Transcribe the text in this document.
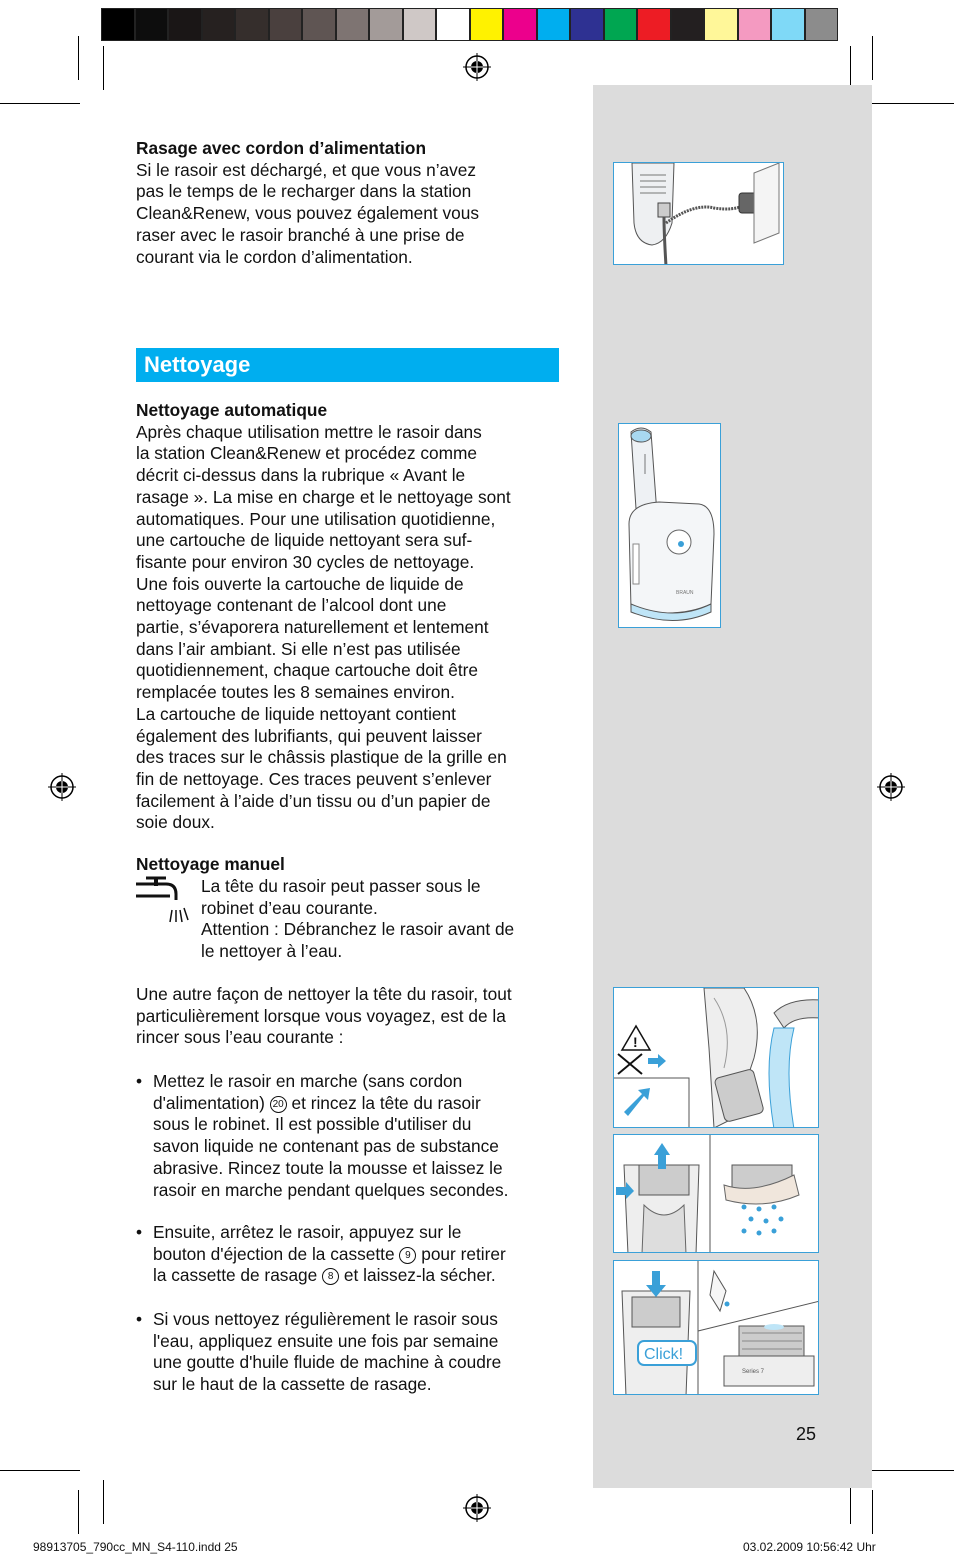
Rasage avec cordon d’alimentation
Si le rasoir est déchargé, et que vous n’avez
pas le temps de le recharger dans la station
Clean&Renew, vous pouvez également vous
raser avec le rasoir branché à une prise de
courant via le cordon d’alimentation.
Nettoyage
Nettoyage automatique
Après chaque utilisation mettre le rasoir dans
la station Clean&Renew et procédez comme
décrit ci-dessus dans la rubrique « Avant le
rasage ». La mise en charge et le nettoyage sont
automatiques. Pour une utilisation quotidienne,
une cartouche de liquide nettoyant sera suf-
fisante pour environ 30 cycles de nettoyage.
Une fois ouverte la cartouche de liquide de
nettoyage contenant de l’alcool dont une
partie, s’évaporera naturellement et lentement
dans l’air ambiant. Si elle n’est pas utilisée
quotidiennement, chaque cartouche doit être
remplacée toutes les 8 semaines environ.
La cartouche de liquide nettoyant contient
également des lubrifiants, qui peuvent laisser
des traces sur le châssis plastique de la grille en
fin de nettoyage. Ces traces peuvent s’enlever
facilement à l’aide d’un tissu ou d’un papier de
soie doux.
BRAUN
Nettoyage manuel
La tête du rasoir peut passer sous le
robinet d’eau courante.
Attention : Débranchez le rasoir avant de
le nettoyer à l’eau.
Une autre façon de nettoyer la tête du rasoir, tout
particulièrement lorsque vous voyagez, est de la
rincer sous l’eau courante :
• Mettez le rasoir en marche (sans cordon
d'alimentation) 20 et rincez la tête du rasoir
sous le robinet. Il est possible d'utiliser du
savon liquide ne contenant pas de substance
abrasive. Rincez toute la mousse et laissez le
rasoir en marche pendant quelques secondes.
• Ensuite, arrêtez le rasoir, appuyez sur le
bouton d'éjection de la cassette 9 pour retirer
la cassette de rasage 8 et laissez-la sécher.
• Si vous nettoyez régulièrement le rasoir sous
l'eau, appliquez ensuite une fois par semaine
une goutte d'huile fluide de machine à coudre
sur le haut de la cassette de rasage.
!
Click!
Series 7
25
98913705_790cc_MN_S4-110.indd 25	03.02.2009 10:56:42 Uhr
